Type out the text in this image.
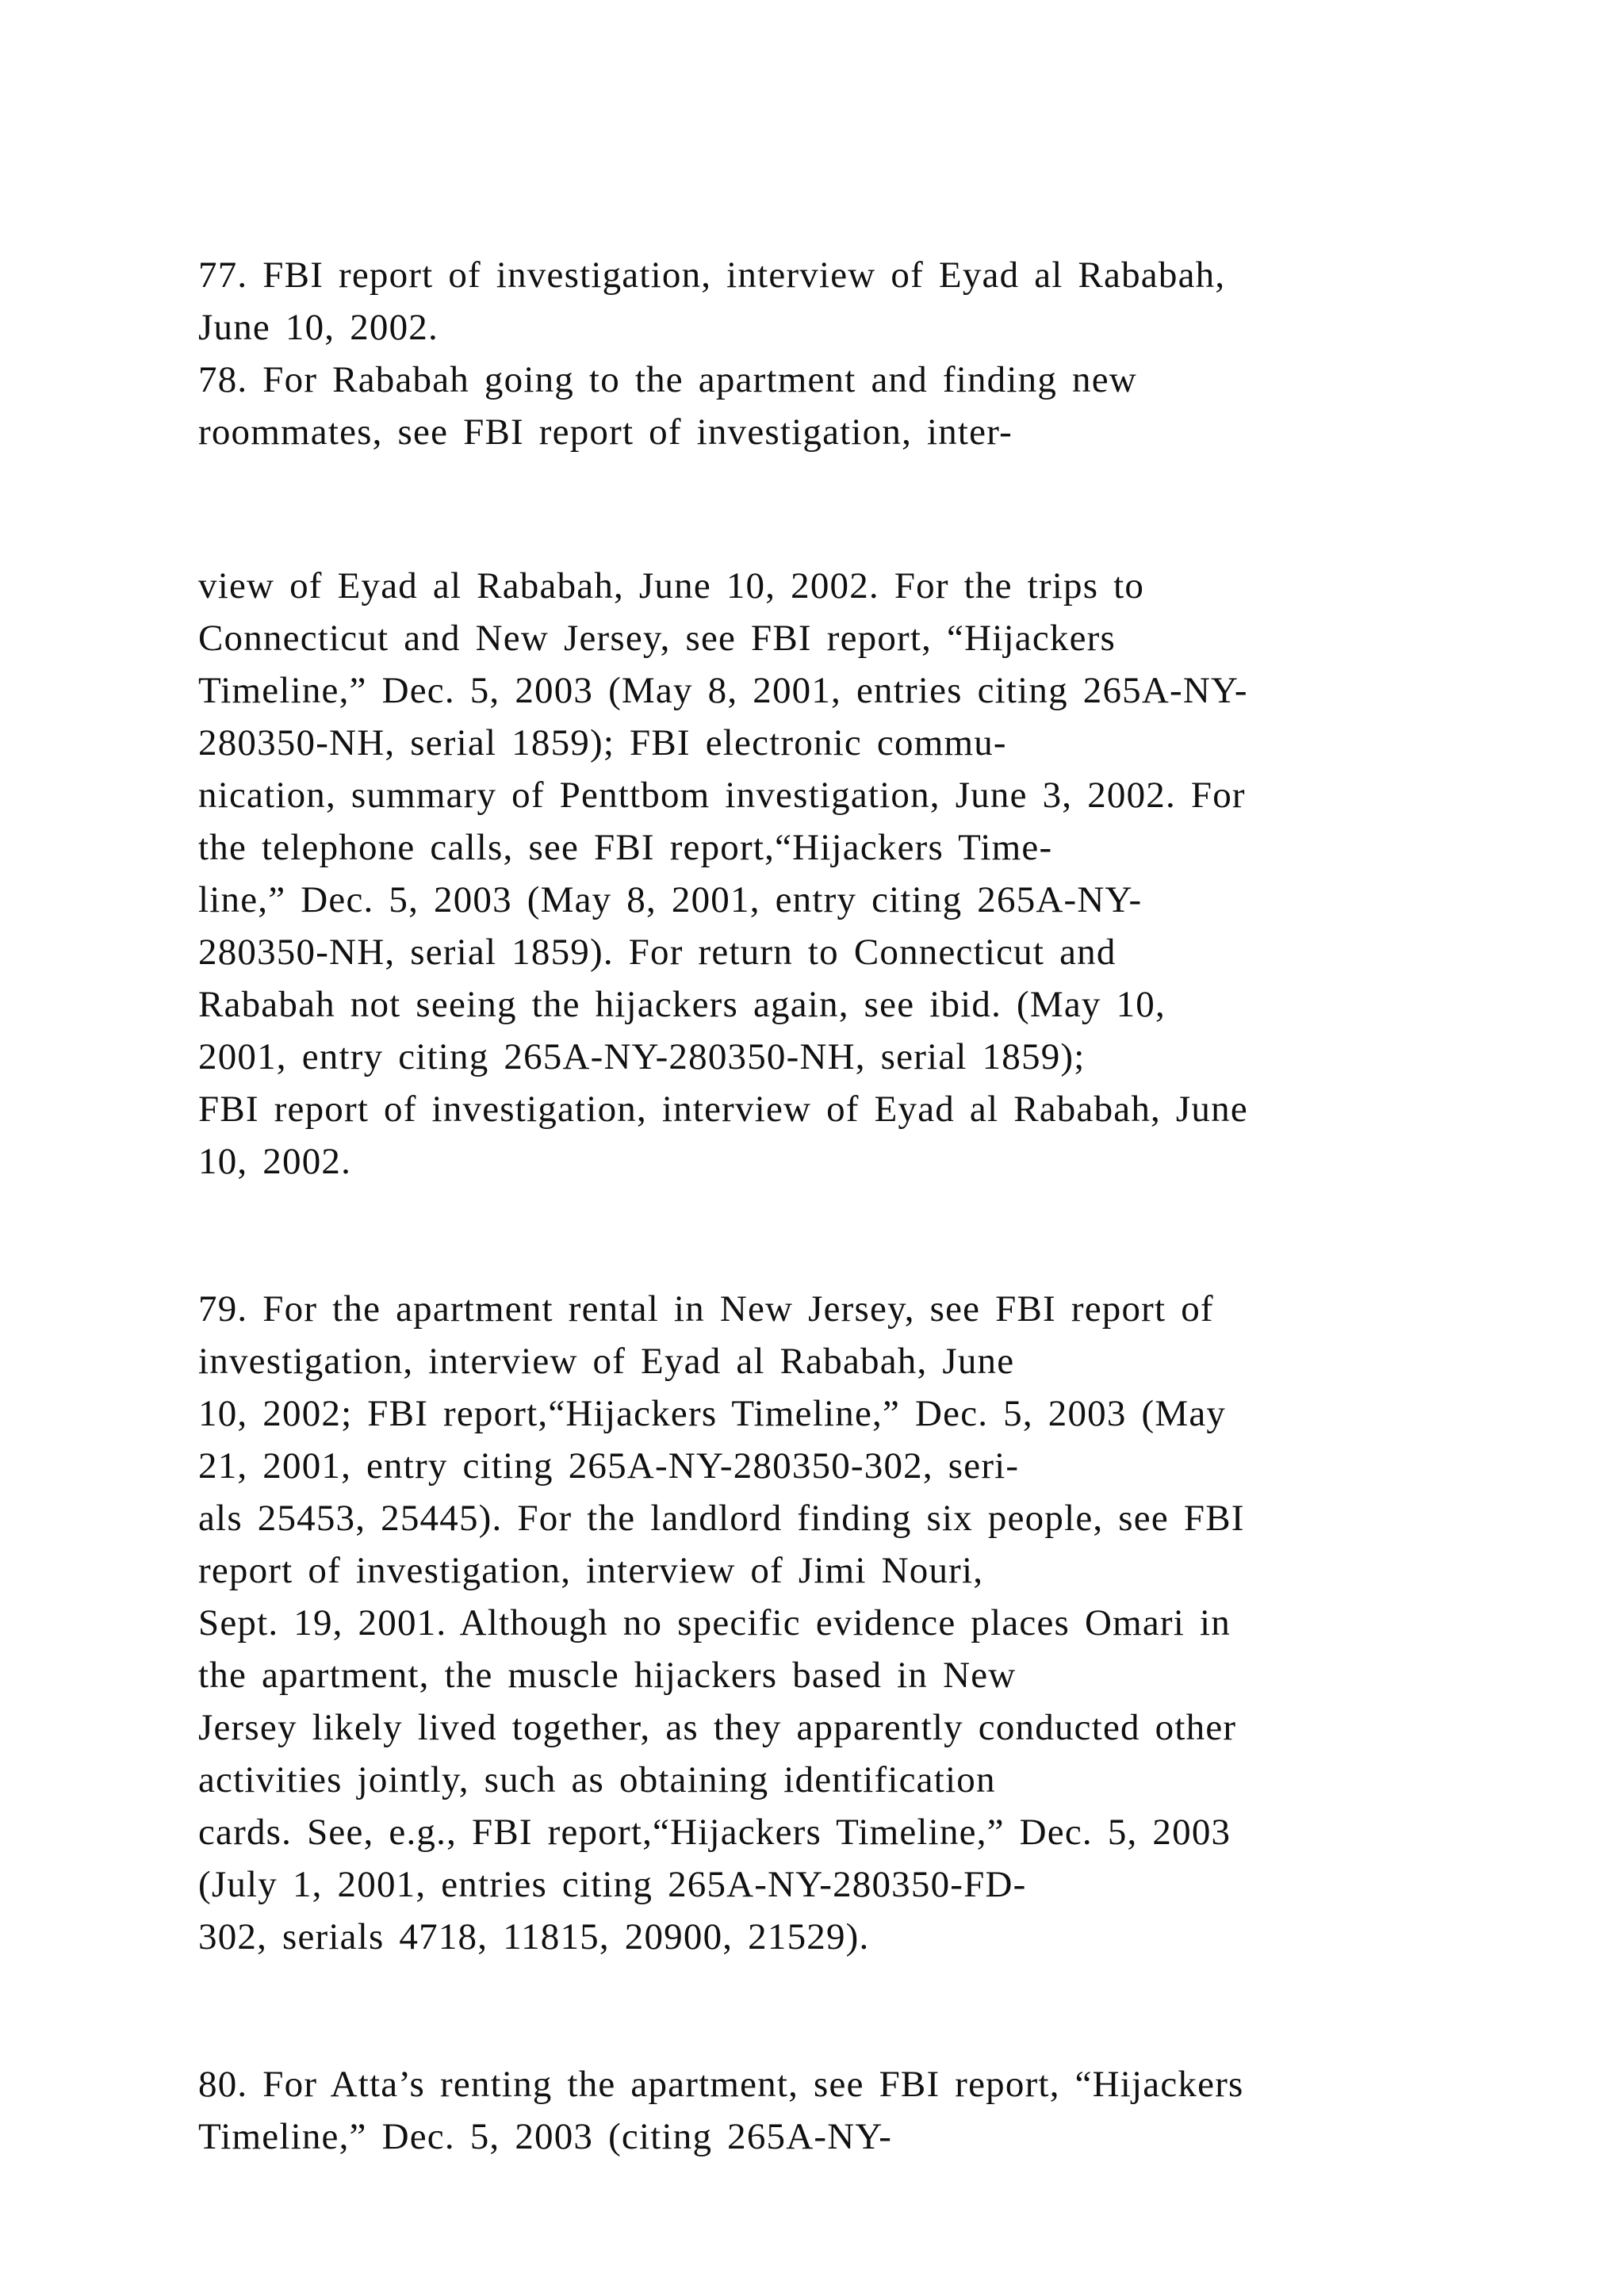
77. FBI report of investigation, interview of Eyad al Rababah,
June 10, 2002.
78. For Rababah going to the apartment and finding new
roommates, see FBI report of investigation, inter-
view of Eyad al Rababah, June 10, 2002. For the trips to
Connecticut and New Jersey, see FBI report, “Hijackers
Timeline,” Dec. 5, 2003 (May 8, 2001, entries citing 265A-NY-
280350-NH, serial 1859); FBI electronic commu-
nication, summary of Penttbom investigation, June 3, 2002. For
the telephone calls, see FBI report,“Hijackers Time-
line,” Dec. 5, 2003 (May 8, 2001, entry citing 265A-NY-
280350-NH, serial 1859). For return to Connecticut and
Rababah not seeing the hijackers again, see ibid. (May 10,
2001, entry citing 265A-NY-280350-NH, serial 1859);
FBI report of investigation, interview of Eyad al Rababah, June
10, 2002.
79. For the apartment rental in New Jersey, see FBI report of
investigation, interview of Eyad al Rababah, June
10, 2002; FBI report,“Hijackers Timeline,” Dec. 5, 2003 (May
21, 2001, entry citing 265A-NY-280350-302, seri-
als 25453, 25445). For the landlord finding six people, see FBI
report of investigation, interview of Jimi Nouri,
Sept. 19, 2001. Although no specific evidence places Omari in
the apartment, the muscle hijackers based in New
Jersey likely lived together, as they apparently conducted other
activities jointly, such as obtaining identification
cards. See, e.g., FBI report,“Hijackers Timeline,” Dec. 5, 2003
(July 1, 2001, entries citing 265A-NY-280350-FD-
302, serials 4718, 11815, 20900, 21529).
80. For Atta’s renting the apartment, see FBI report, “Hijackers
Timeline,” Dec. 5, 2003 (citing 265A-NY-
